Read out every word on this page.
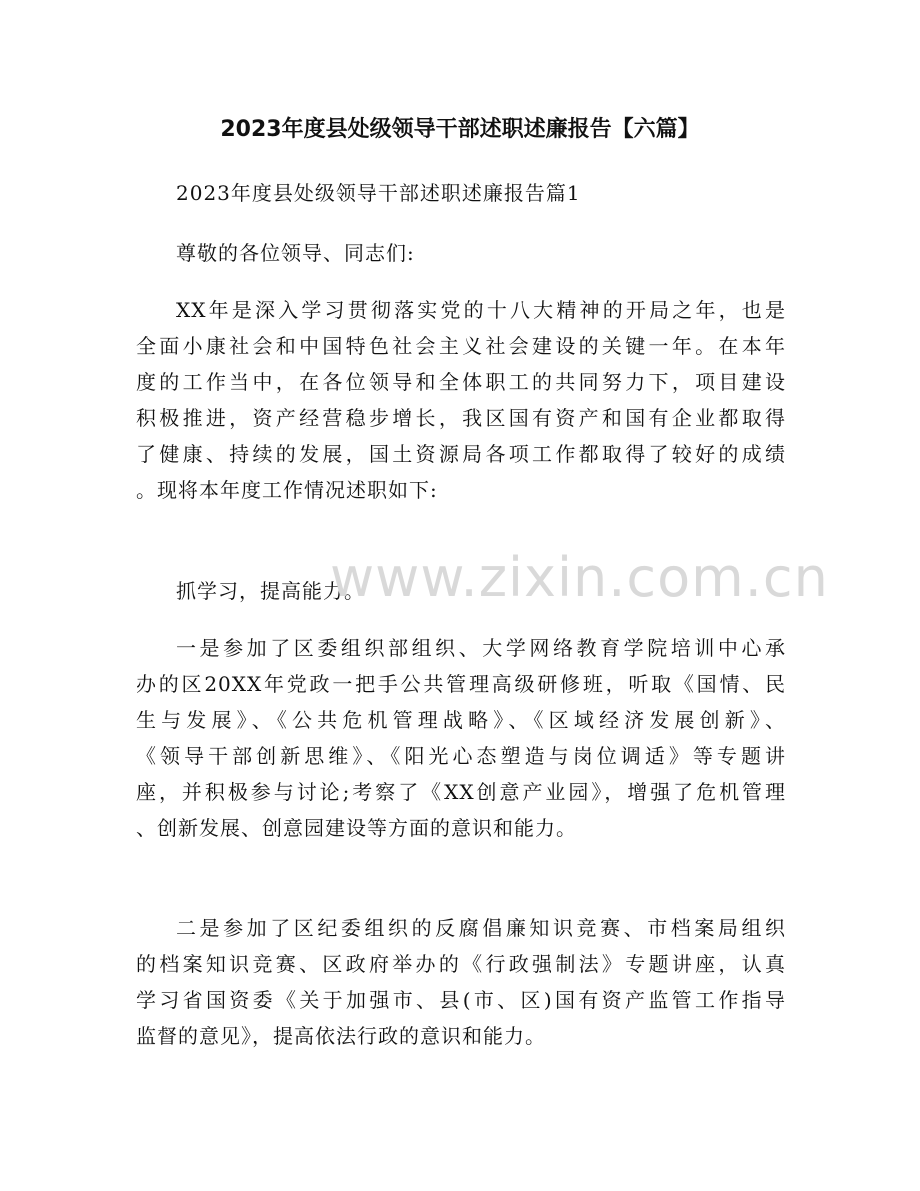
2023年度县处级领导干部述职述廉报告【六篇】

2023年度县处级领导干部述职述廉报告篇1

尊敬的各位领导、同志们:

XX年是深入学习贯彻落实党的十八大精神的开局之年，也是
全面小康社会和中国特色社会主义社会建设的关键一年。在本年
度的工作当中，在各位领导和全体职工的共同努力下，项目建设
积极推进，资产经营稳步增长，我区国有资产和国有企业都取得
了健康、持续的发展，国土资源局各项工作都取得了较好的成绩
。现将本年度工作情况述职如下:

抓学习，提高能力。

一是参加了区委组织部组织、大学网络教育学院培训中心承
办的区20XX年党政一把手公共管理高级研修班，听取《国情、民
生与发展》、《公共危机管理战略》、《区域经济发展创新》、
《领导干部创新思维》、《阳光心态塑造与岗位调适》等专题讲
座，并积极参与讨论;考察了《XX创意产业园》，增强了危机管理
、创新发展、创意园建设等方面的意识和能力。

二是参加了区纪委组织的反腐倡廉知识竞赛、市档案局组织
的档案知识竞赛、区政府举办的《行政强制法》专题讲座，认真
学习省国资委《关于加强市、县(市、区)国有资产监管工作指导
监督的意见》，提高依法行政的意识和能力。

www.zixin.com.cn
